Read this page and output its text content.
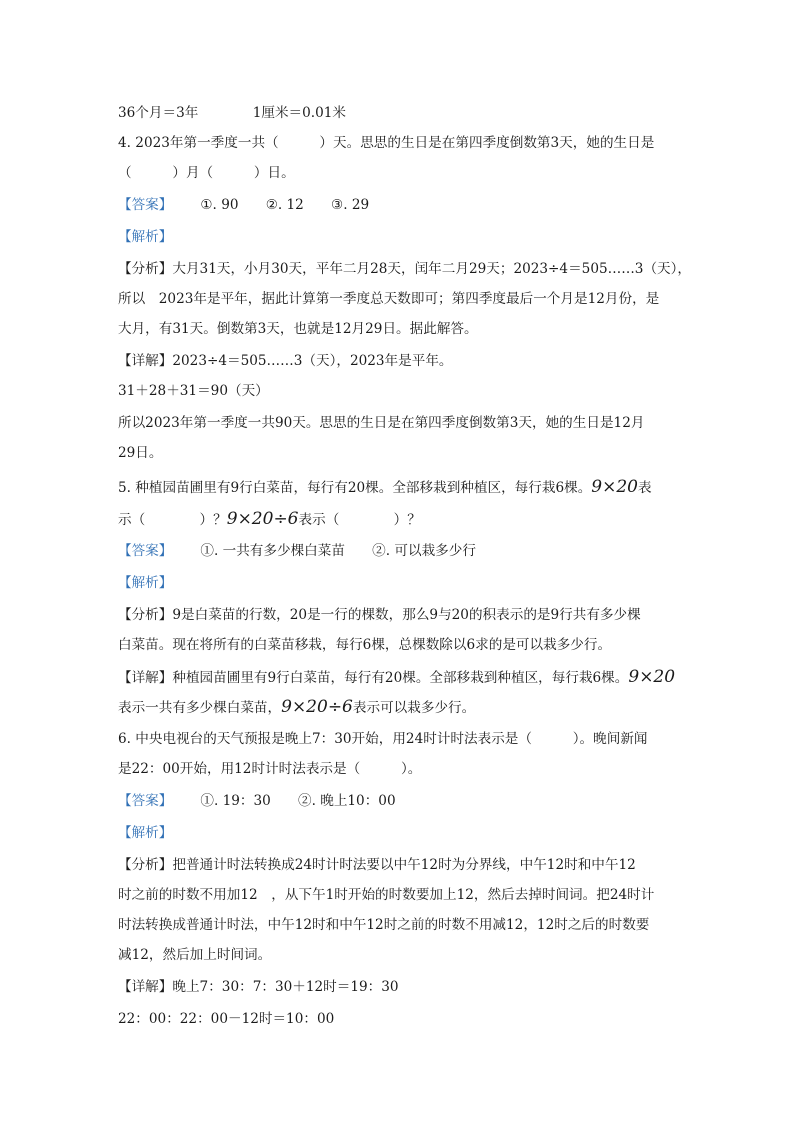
36个月＝3年　　　　1厘米＝0.01米
4. 2023年第一季度一共（　　　）天。思思的生日是在第四季度倒数第3天，她的生日是
（　　　）月（　　　）日。
【答案】 ①. 90　　②. 12　　③. 29
【解析】
【分析】大月31天，小月30天，平年二月28天，闰年二月29天；2023÷4＝505……3（天），
所以　2023年是平年，据此计算第一季度总天数即可；第四季度最后一个月是12月份，是
大月，有31天。倒数第3天，也就是12月29日。据此解答。
【详解】2023÷4＝505……3（天），2023年是平年。
31＋28＋31＝90（天）
所以2023年第一季度一共90天。思思的生日是在第四季度倒数第3天，她的生日是12月
29日。
5. 种植园苗圃里有9行白菜苗，每行有20棵。全部移栽到种植区，每行栽6棵。9×20表
示（　　　　）？9×20÷6表示（　　　　）？
【答案】 ①. 一共有多少棵白菜苗　　②. 可以栽多少行
【解析】
【分析】9是白菜苗的行数，20是一行的棵数，那么9与20的积表示的是9行共有多少棵
白菜苗。现在将所有的白菜苗移栽，每行6棵，总棵数除以6求的是可以栽多少行。
【详解】种植园苗圃里有9行白菜苗，每行有20棵。全部移栽到种植区，每行栽6棵。9×20
表示一共有多少棵白菜苗，9×20÷6表示可以栽多少行。
6. 中央电视台的天气预报是晚上7：30开始，用24时计时法表示是（　　　）。晚间新闻
是22：00开始，用12时计时法表示是（　　　）。
【答案】 ①. 19：30　　②. 晚上10：00
【解析】
【分析】把普通计时法转换成24时计时法要以中午12时为分界线，中午12时和中午12
时之前的时数不用加12　，从下午1时开始的时数要加上12，然后去掉时间词。把24时计
时法转换成普通计时法，中午12时和中午12时之前的时数不用减12，12时之后的时数要
减12，然后加上时间词。
【详解】晚上7：30：7：30＋12时＝19：30
22：00：22：00－12时＝10：00
